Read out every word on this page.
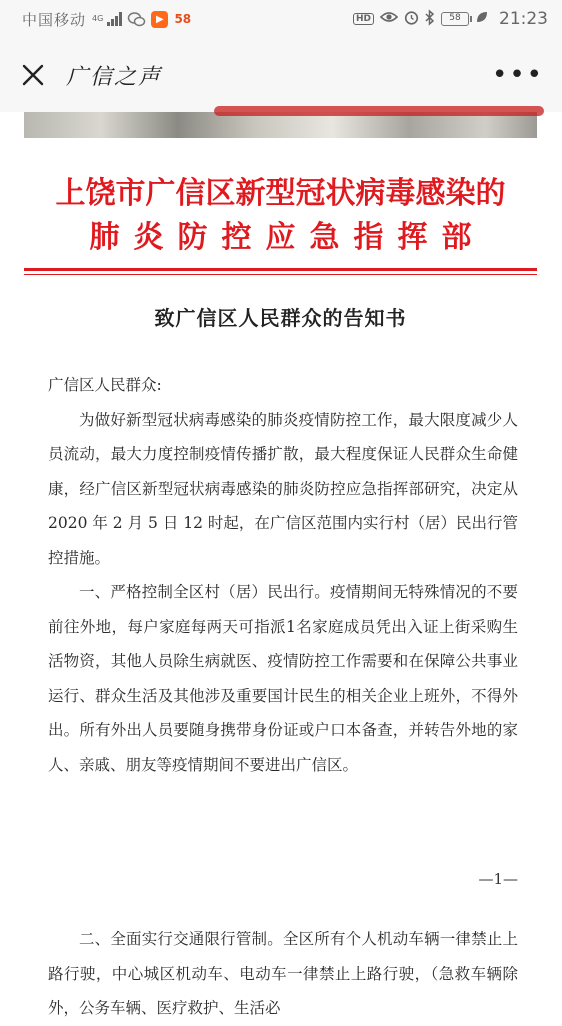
中国移动 4G	▶ 58	HD	58	21:23
广信之声	•••
上饶市广信区新型冠状病毒感染的
肺炎防控应急指挥部
致广信区人民群众的告知书
广信区人民群众:

为做好新型冠状病毒感染的肺炎疫情防控工作，最大限度减少人员流动，最大力度控制疫情传播扩散，最大程度保证人民群众生命健康，经广信区新型冠状病毒感染的肺炎防控应急指挥部研究，决定从 2020 年 2 月 5 日 12 时起，在广信区范围内实行村（居）民出行管控措施。

一、严格控制全区村（居）民出行。疫情期间无特殊情况的不要前往外地，每户家庭每两天可指派1名家庭成员凭出入证上街采购生活物资，其他人员除生病就医、疫情防控工作需要和在保障公共事业运行、群众生活及其他涉及重要国计民生的相关企业上班外，不得外出。所有外出人员要随身携带身份证或户口本备查，并转告外地的家人、亲戚、朋友等疫情期间不要进出广信区。

—1—

二、全面实行交通限行管制。全区所有个人机动车辆一律禁止上路行驶，中心城区机动车、电动车一律禁止上路行驶，（急救车辆除外，公务车辆、医疗救护、生活必
